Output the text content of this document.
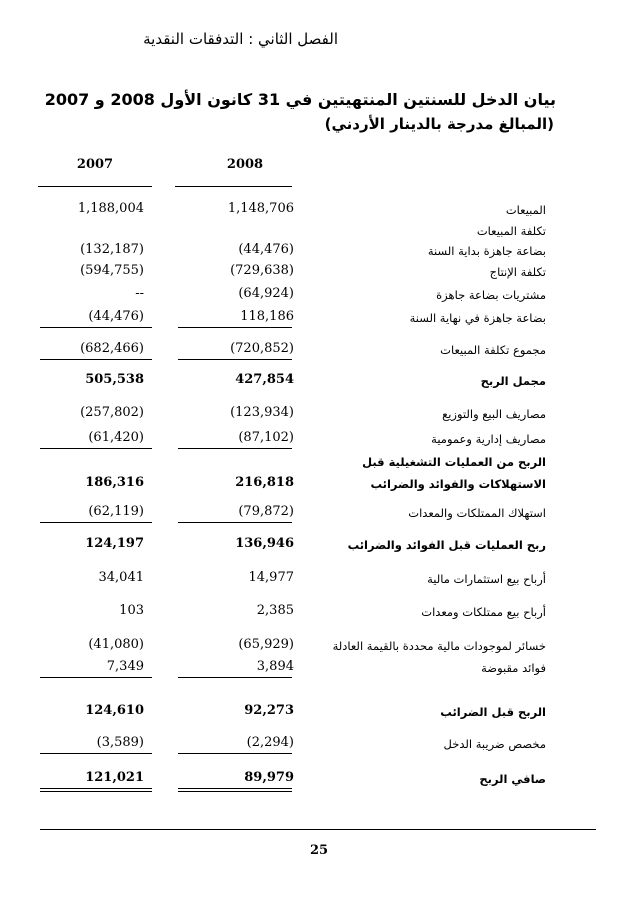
الفصل الثاني : التدفقات النقدية
بيان الدخل للسنتين المنتهيتين في 31 كانون الأول 2008 و 2007
(المبالغ مدرجة بالدينار الأردني)
2008
2007
المبيعات
1,148,706
1,188,004
تكلفة المبيعات
بضاعة جاهزة بداية السنة
(44,476)
(132,187)
تكلفة الإنتاج
(729,638)
(594,755)
مشتريات بضاعة جاهزة
(64,924)
--
بضاعة جاهزة في نهاية السنة
118,186
(44,476)
مجموع تكلفة المبيعات
(720,852)
(682,466)
مجمل الربح
427,854
505,538
مصاريف البيع والتوزيع
(123,934)
(257,802)
مصاريف إدارية وعمومية
(87,102)
(61,420)
الربح من العمليات التشغيلية قبل
الاستهلاكات والفوائد والضرائب
216,818
186,316
استهلاك الممتلكات والمعدات
(79,872)
(62,119)
ربح العمليات قبل الفوائد والضرائب
136,946
124,197
أرباح بيع استثمارات مالية
14,977
34,041
أرباح بيع ممتلكات ومعدات
2,385
103
خسائر لموجودات مالية محددة بالقيمة العادلة
(65,929)
(41,080)
فوائد مقبوضة
3,894
7,349
الربح قبل الضرائب
92,273
124,610
مخصص ضريبة الدخل
(2,294)
(3,589)
صافي الربح
89,979
121,021
25
